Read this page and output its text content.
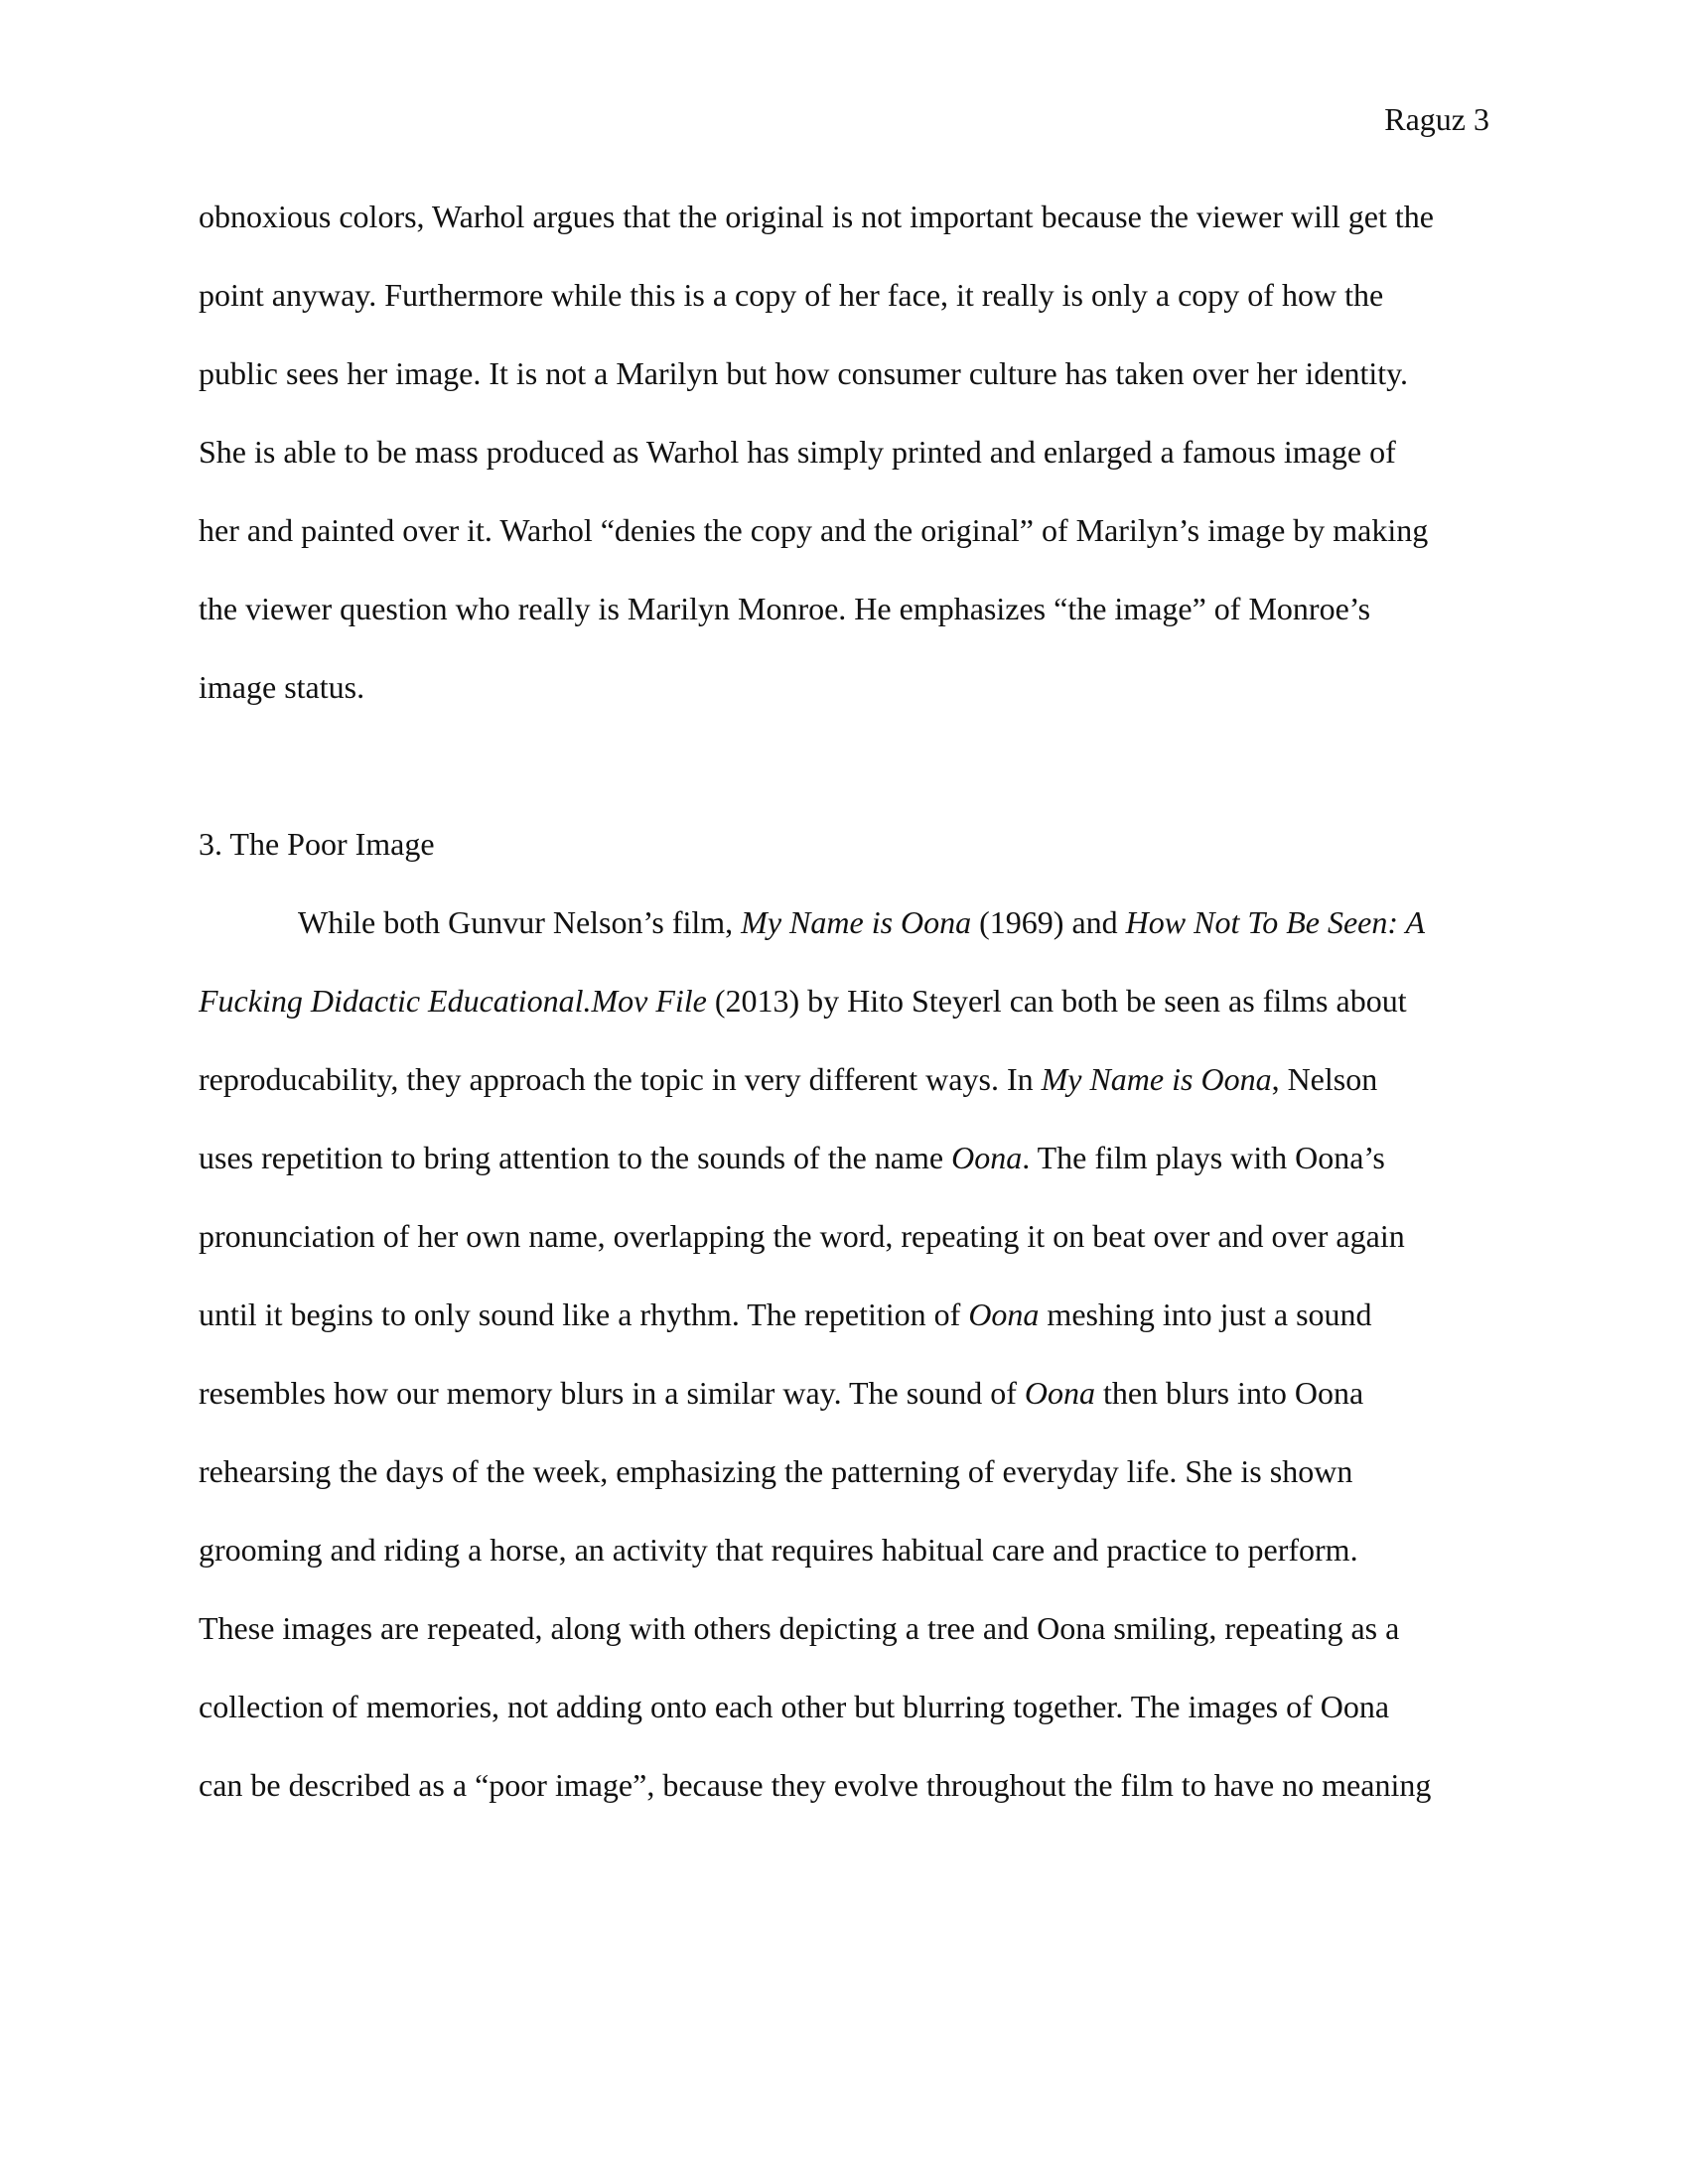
Raguz 3
obnoxious colors, Warhol argues that the original is not important because the viewer will get the
point anyway. Furthermore while this is a copy of her face, it really is only a copy of how the
public sees her image. It is not a Marilyn but how consumer culture has taken over her identity.
She is able to be mass produced as Warhol has simply printed and enlarged a famous image of
her and painted over it. Warhol “denies the copy and the original” of Marilyn’s image by making
the viewer question who really is Marilyn Monroe. He emphasizes “the image” of Monroe’s
image status.
3. The Poor Image
While both Gunvur Nelson’s film, My Name is Oona (1969) and How Not To Be Seen: A
Fucking Didactic Educational.Mov File (2013) by Hito Steyerl can both be seen as films about
reproducability, they approach the topic in very different ways. In My Name is Oona, Nelson
uses repetition to bring attention to the sounds of the name Oona. The film plays with Oona’s
pronunciation of her own name, overlapping the word, repeating it on beat over and over again
until it begins to only sound like a rhythm. The repetition of Oona meshing into just a sound
resembles how our memory blurs in a similar way. The sound of Oona then blurs into Oona
rehearsing the days of the week, emphasizing the patterning of everyday life. She is shown
grooming and riding a horse, an activity that requires habitual care and practice to perform.
These images are repeated, along with others depicting a tree and Oona smiling, repeating as a
collection of memories, not adding onto each other but blurring together. The images of Oona
can be described as a “poor image”, because they evolve throughout the film to have no meaning
